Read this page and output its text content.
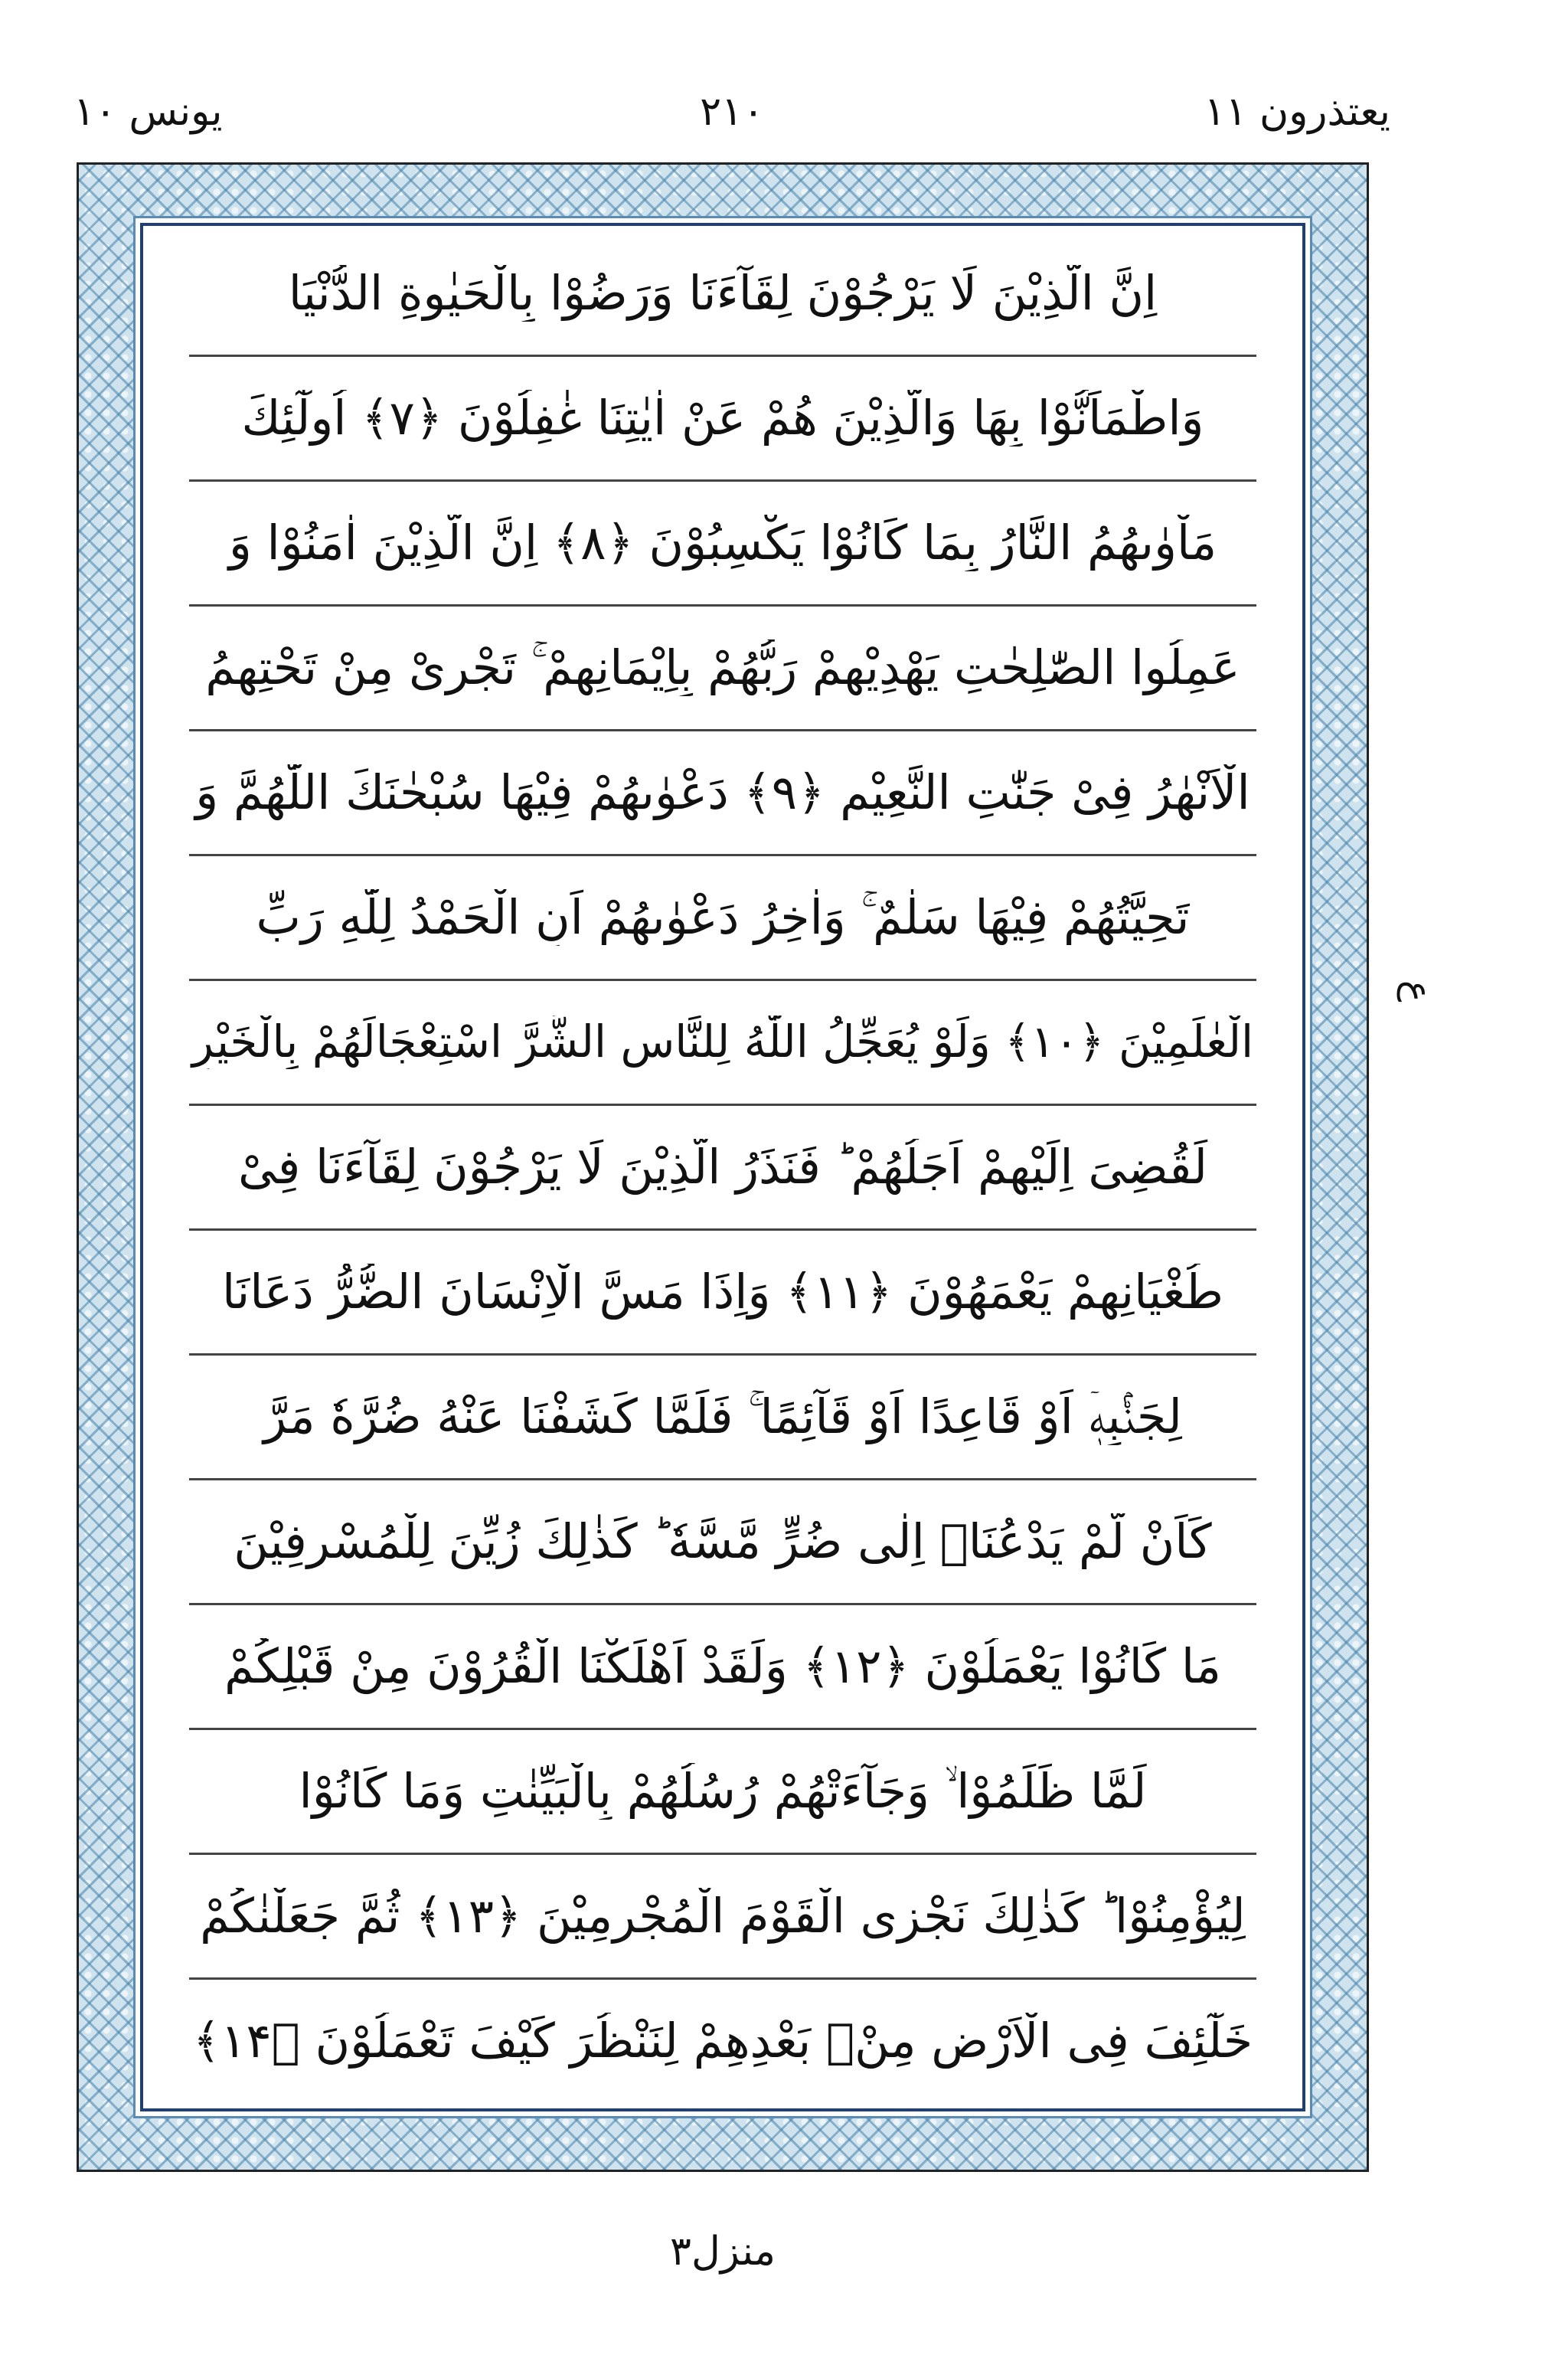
یعتذرون ۱۱
۲۱۰
یونس ۱۰
اِنَّ الَّذِیْنَ لَا یَرْجُوْنَ لِقَآءَنَا وَرَضُوْا بِالْحَیٰوةِ الدُّنْیَا
وَاطْمَاَنُّوْا بِهَا وَالَّذِیْنَ هُمْ عَنْ اٰیٰتِنَا غٰفِلُوْنَ ﴿۷﴾ اُولٰٓئِكَ
مَاْوٰىهُمُ النَّارُ بِمَا كَانُوْا یَكْسِبُوْنَ ﴿۸﴾ اِنَّ الَّذِیْنَ اٰمَنُوْا وَ
عَمِلُوا الصّٰلِحٰتِ یَهْدِیْهِمْ رَبُّهُمْ بِاِیْمَانِهِمْ ۚ تَجْرِیْ مِنْ تَحْتِهِمُ
الْاَنْهٰرُ فِیْ جَنّٰتِ النَّعِیْمِ ﴿۹﴾ دَعْوٰىهُمْ فِیْهَا سُبْحٰنَكَ اللّٰهُمَّ وَ
تَحِیَّتُهُمْ فِیْهَا سَلٰمٌ ۚ وَاٰخِرُ دَعْوٰىهُمْ اَنِ الْحَمْدُ لِلّٰهِ رَبِّ
الْعٰلَمِیْنَ ﴿۱۰﴾ وَلَوْ یُعَجِّلُ اللّٰهُ لِلنَّاسِ الشَّرَّ اسْتِعْجَالَهُمْ بِالْخَیْرِ
لَقُضِیَ اِلَیْهِمْ اَجَلُهُمْ ؕ فَنَذَرُ الَّذِیْنَ لَا یَرْجُوْنَ لِقَآءَنَا فِیْ
طُغْیَانِهِمْ یَعْمَهُوْنَ ﴿۱۱﴾ وَاِذَا مَسَّ الْاِنْسَانَ الضُّرُّ دَعَانَا
لِجَنْۢبِهٖۤ اَوْ قَاعِدًا اَوْ قَآئِمًا ۚ فَلَمَّا كَشَفْنَا عَنْهُ ضُرَّهٗ مَرَّ
كَاَنْ لَّمْ یَدْعُنَاۤ اِلٰى ضُرٍّ مَّسَّهٗ ؕ كَذٰلِكَ زُیِّنَ لِلْمُسْرِفِیْنَ
مَا كَانُوْا یَعْمَلُوْنَ ﴿۱۲﴾ وَلَقَدْ اَهْلَكْنَا الْقُرُوْنَ مِنْ قَبْلِكُمْ
لَمَّا ظَلَمُوْا ۙ وَجَآءَتْهُمْ رُسُلُهُمْ بِالْبَیِّنٰتِ وَمَا كَانُوْا
لِیُؤْمِنُوْا ؕ كَذٰلِكَ نَجْزِی الْقَوْمَ الْمُجْرِمِیْنَ ﴿۱۳﴾ ثُمَّ جَعَلْنٰكُمْ
خَلٰٓئِفَ فِی الْاَرْضِ مِنْۢ بَعْدِهِمْ لِنَنْظُرَ كَیْفَ تَعْمَلُوْنَ ﴿۱۴﴾
ع
منزل۳
